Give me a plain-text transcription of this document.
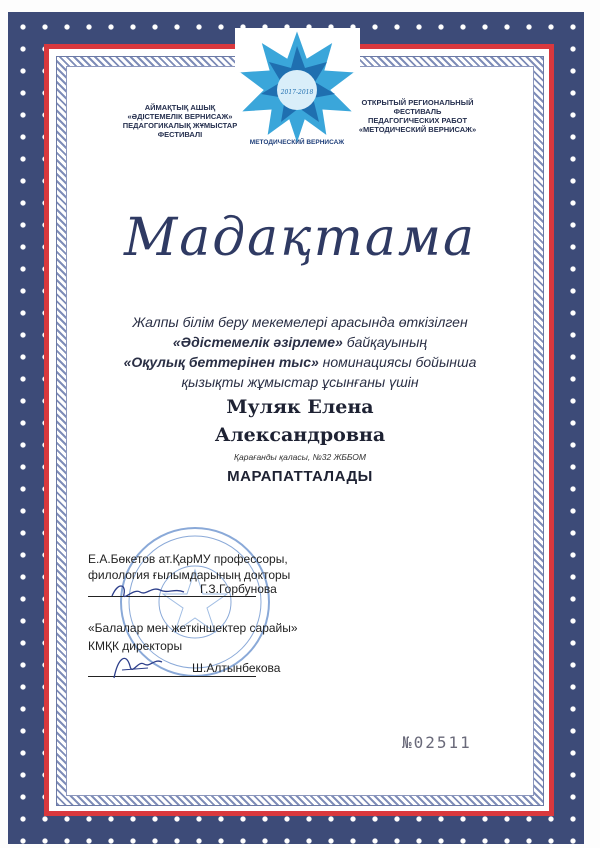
2017-2018
МЕТОДИЧЕСКИЙ ВЕРНИСАЖ
АЙМАҚТЫҚ АШЫҚ
«ӘДІСТЕМЕЛІК ВЕРНИСАЖ»
ПЕДАГОГИКАЛЫҚ ЖҰМЫСТАР ФЕСТИВАЛІ
ОТКРЫТЫЙ РЕГИОНАЛЬНЫЙ
ФЕСТИВАЛЬ
ПЕДАГОГИЧЕСКИХ РАБОТ
«МЕТОДИЧЕСКИЙ ВЕРНИСАЖ»
Мадақтама
Жалпы білім беру мекемелері арасында өткізілген
«Әдістемелік әзірлеме» байқауының
«Оқулық беттерінен тыс» номинациясы бойынша
қызықты жұмыстар ұсынғаны үшін
Муляк Елена
Александровна
Қарағанды қаласы, №32 ЖББОМ
МАРАПАТТАЛАДЫ
Е.А.Бөкетов ат.ҚарМУ профессоры,
филология ғылымдарының докторы
Г.З.Горбунова
«Балалар мен жеткіншектер сарайы»
КМҚК директоры
Ш.Алтынбекова
№02511
